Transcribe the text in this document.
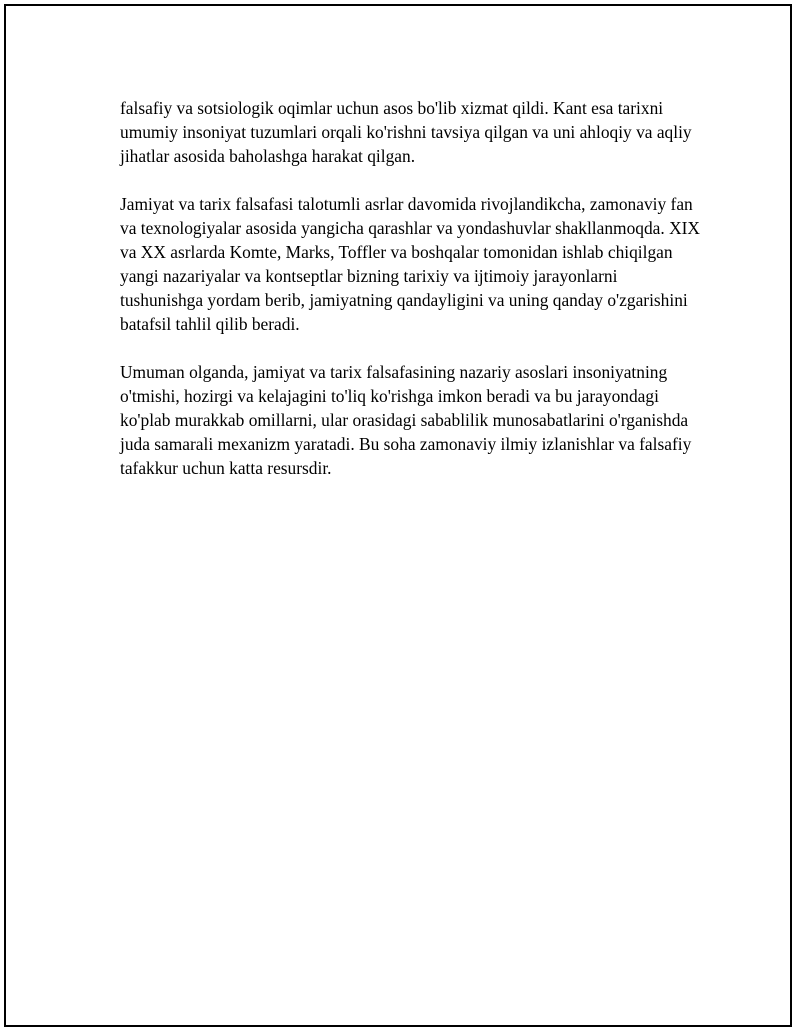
falsafiy va sotsiologik oqimlar uchun asos bo'lib xizmat qildi. Kant esa tarixni umumiy insoniyat tuzumlari orqali ko'rishni tavsiya qilgan va uni ahloqiy va aqliy jihatlar asosida baholashga harakat qilgan.

Jamiyat va tarix falsafasi talotumli asrlar davomida rivojlandikcha, zamonaviy fan va texnologiyalar asosida yangicha qarashlar va yondashuvlar shakllanmoqda. XIX va XX asrlarda Komte, Marks, Toffler va boshqalar tomonidan ishlab chiqilgan yangi nazariyalar va kontseptlar bizning tarixiy va ijtimoiy jarayonlarni tushunishga yordam berib, jamiyatning qandayligini va uning qanday o'zgarishini batafsil tahlil qilib beradi.

Umuman olganda, jamiyat va tarix falsafasining nazariy asoslari insoniyatning o'tmishi, hozirgi va kelajagini to'liq ko'rishga imkon beradi va bu jarayondagi ko'plab murakkab omillarni, ular orasidagi sabablilik munosabatlarini o'rganishda juda samarali mexanizm yaratadi. Bu soha zamonaviy ilmiy izlanishlar va falsafiy tafakkur uchun katta resursdir.
